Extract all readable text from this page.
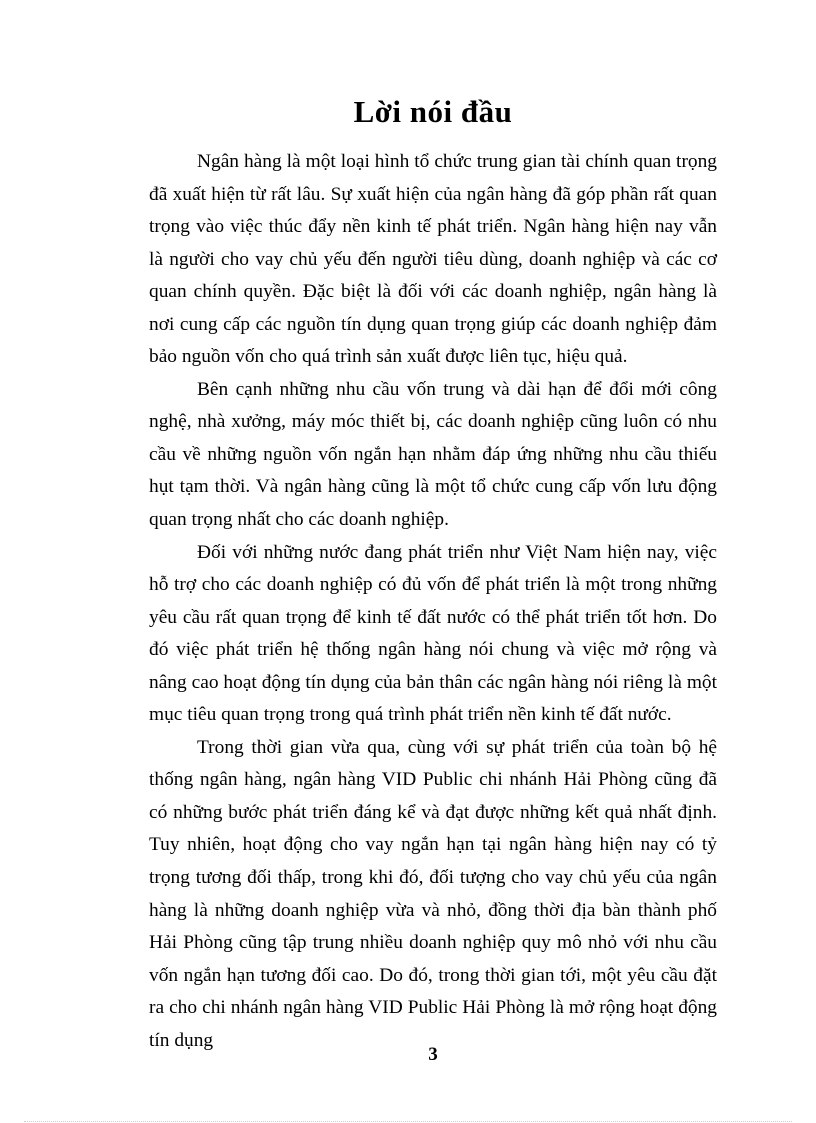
Lời nói đầu

Ngân hàng là một loại hình tổ chức trung gian tài chính quan trọng đã xuất hiện từ rất lâu. Sự xuất hiện của ngân hàng đã góp phần rất quan trọng vào việc thúc đẩy nền kinh tế phát triển. Ngân hàng hiện nay vẫn là người cho vay chủ yếu đến người tiêu dùng, doanh nghiệp và các cơ quan chính quyền. Đặc biệt là đối với các doanh nghiệp, ngân hàng là nơi cung cấp các nguồn tín dụng quan trọng giúp các doanh nghiệp đảm bảo nguồn vốn cho quá trình sản xuất được liên tục, hiệu quả.

Bên cạnh những nhu cầu vốn trung và dài hạn để đổi mới công nghệ, nhà xưởng, máy móc thiết bị, các doanh nghiệp cũng luôn có nhu cầu về những nguồn vốn ngắn hạn nhằm đáp ứng những nhu cầu thiếu hụt tạm thời. Và ngân hàng cũng là một tổ chức cung cấp vốn lưu động quan trọng nhất cho các doanh nghiệp.

Đối với những nước đang phát triển như Việt Nam hiện nay, việc hỗ trợ cho các doanh nghiệp có đủ vốn để phát triển là một trong những yêu cầu rất quan trọng để kinh tế đất nước có thể phát triển tốt hơn. Do đó việc phát triển hệ thống ngân hàng nói chung và việc mở rộng và nâng cao hoạt động tín dụng của bản thân các ngân hàng nói riêng là một mục tiêu quan trọng trong quá trình phát triển nền kinh tế đất nước.

Trong thời gian vừa qua, cùng với sự phát triển của toàn bộ hệ thống ngân hàng, ngân hàng VID Public chi nhánh Hải Phòng cũng đã có những bước phát triển đáng kể và đạt được những kết quả nhất định. Tuy nhiên, hoạt động cho vay ngắn hạn tại ngân hàng hiện nay có tỷ trọng tương đối thấp, trong khi đó, đối tượng cho vay chủ yếu của ngân hàng là những doanh nghiệp vừa và nhỏ, đồng thời địa bàn thành phố Hải Phòng cũng tập trung nhiều doanh nghiệp quy mô nhỏ với nhu cầu vốn ngắn hạn tương đối cao. Do đó, trong thời gian tới, một yêu cầu đặt ra cho chi nhánh ngân hàng VID Public Hải Phòng là mở rộng hoạt động tín dụng

3
